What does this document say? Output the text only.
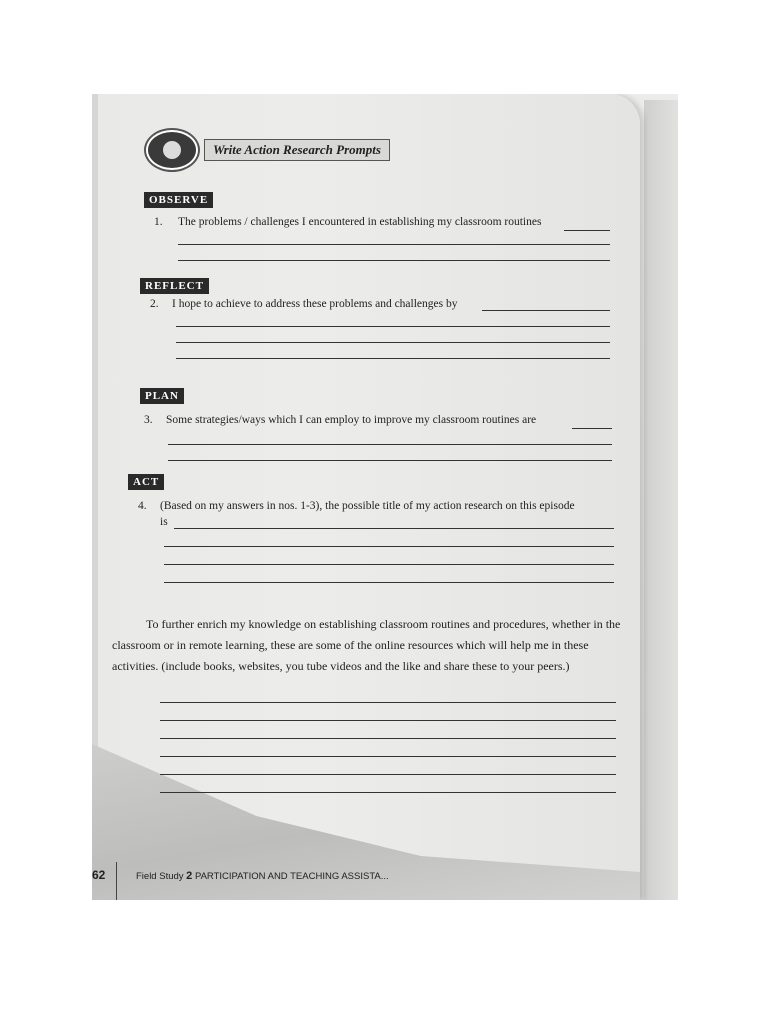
Write Action Research Prompts
OBSERVE
1. The problems / challenges I encountered in establishing my classroom routines
REFLECT
2. I hope to achieve to address these problems and challenges by
PLAN
3. Some strategies/ways which I can employ to improve my classroom routines are
ACT
4. (Based on my answers in nos. 1-3), the possible title of my action research on this episode
is
To further enrich my knowledge on establishing classroom routines and procedures, whether in the classroom or in remote learning, these are some of the online resources which will help me in these activities. (include books, websites, you tube videos and the like and share these to your peers.)
62	Field Study 2 PARTICIPATION AND TEACHING ASSISTA...
